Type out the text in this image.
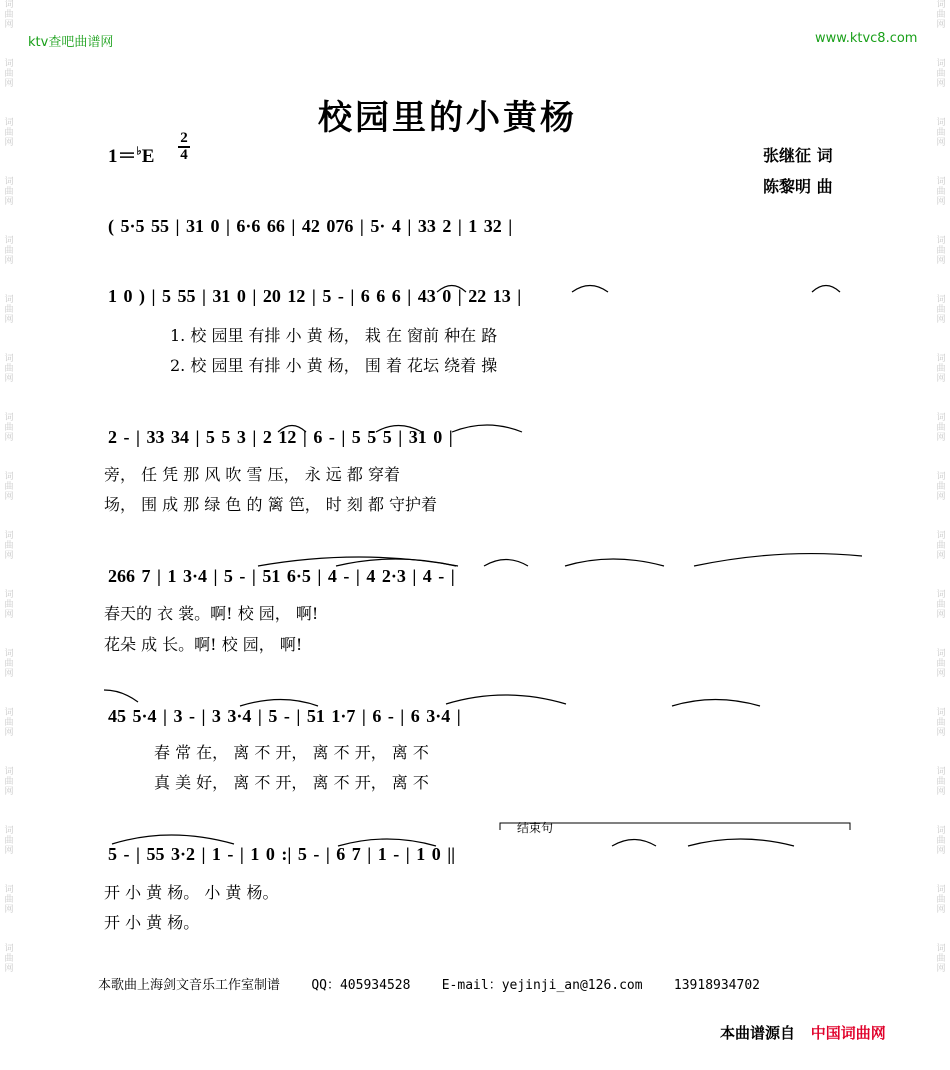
词
曲
网
词
曲
网
词
曲
网
词
曲
网
词
曲
网
词
曲
网
词
曲
网
词
曲
网
词
曲
网
词
曲
网
词
曲
网
词
曲
网
词
曲
网
词
曲
网
词
曲
网
词
曲
网
词
曲
网
词
曲
网
词
曲
网
词
曲
网
词
曲
网
词
曲
网
词
曲
网
词
曲
网
词
曲
网
词
曲
网
词
曲
网
词
曲
网
词
曲
网
词
曲
网
词
曲
网
词
曲
网
词
曲
网
词
曲
网
ktv查吧曲谱网	www.ktvc8.com
校园里的小黄杨
1＝♭E
2
4	张继征 词
陈黎明 曲
( 5·5 55 | 31 0 | 6·6 66 | 42 076 | 5· 4 | 33 2 | 1 32 |
1 0 ) | 5 55 | 31 0 | 20 12 | 5 - | 6 6 6 | 43 0 | 22 13 |
1. 校 园里 有排 小 黄 杨， 栽 在 窗前 种在 路
2. 校 园里 有排 小 黄 杨， 围 着 花坛 绕着 操
2 - | 33 34 | 5 5 3 | 2 12 | 6 - | 5 5 5 | 31 0 |
旁， 任 凭 那 风 吹 雪 压， 永 远 都 穿着
场， 围 成 那 绿 色 的 篱 笆， 时 刻 都 守护着
266 7 | 1 3·4 | 5 - | 51 6·5 | 4 - | 4 2·3 | 4 - |
春天的 衣 裳。啊! 校 园， 啊!
花朵 成 长。啊! 校 园， 啊!
45 5·4 | 3 - | 3 3·4 | 5 - | 51 1·7 | 6 - | 6 3·4 |
春 常 在， 离 不 开， 离 不 开， 离 不
真 美 好， 离 不 开， 离 不 开， 离 不
结束句
5 - | 55 3·2 | 1 - | 1 0 :| 5 - | 6 7 | 1 - | 1 0 ||
开 小 黄 杨。 小 黄 杨。
开 小 黄 杨。
本歌曲上海剑文音乐工作室制谱 QQ：405934528 E-mail：yejinji_an@126.com 13918934702
本曲谱源自 中国词曲网
